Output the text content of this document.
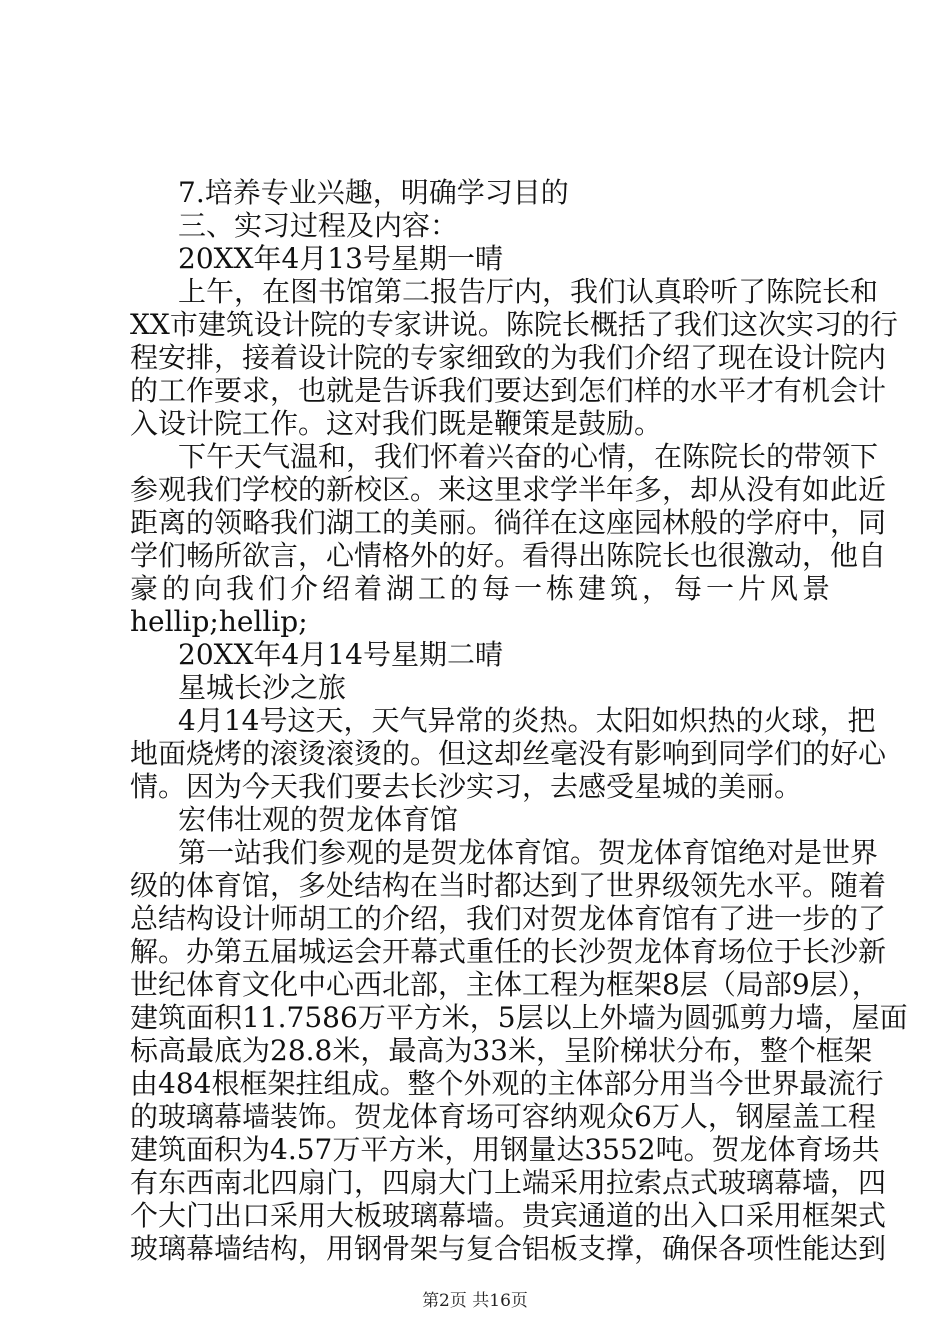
7.培养专业兴趣，明确学习目的
三、实习过程及内容：
20XX年4月13号星期一晴
上午，在图书馆第二报告厅内，我们认真聆听了陈院长和
XX市建筑设计院的专家讲说。陈院长概括了我们这次实习的行
程安排，接着设计院的专家细致的为我们介绍了现在设计院内
的工作要求，也就是告诉我们要达到怎们样的水平才有机会计
入设计院工作。这对我们既是鞭策是鼓励。
下午天气温和，我们怀着兴奋的心情，在陈院长的带领下
参观我们学校的新校区。来这里求学半年多，却从没有如此近
距离的领略我们湖工的美丽。徜徉在这座园林般的学府中，同
学们畅所欲言，心情格外的好。看得出陈院长也很激动，他自
豪的向我们介绍着湖工的每一栋建筑，每一片风景
hellip;hellip;
20XX年4月14号星期二晴
星城长沙之旅
4月14号这天，天气异常的炎热。太阳如炽热的火球，把
地面烧烤的滚烫滚烫的。但这却丝毫没有影响到同学们的好心
情。因为今天我们要去长沙实习，去感受星城的美丽。
宏伟壮观的贺龙体育馆
第一站我们参观的是贺龙体育馆。贺龙体育馆绝对是世界
级的体育馆，多处结构在当时都达到了世界级领先水平。随着
总结构设计师胡工的介绍，我们对贺龙体育馆有了进一步的了
解。办第五届城运会开幕式重任的长沙贺龙体育场位于长沙新
世纪体育文化中心西北部，主体工程为框架8层（局部9层），
建筑面积11.7586万平方米，5层以上外墙为圆弧剪力墙，屋面
标高最底为28.8米，最高为33米，呈阶梯状分布，整个框架
由484根框架拄组成。整个外观的主体部分用当今世界最流行
的玻璃幕墙装饰。贺龙体育场可容纳观众6万人，钢屋盖工程
建筑面积为4.57万平方米，用钢量达3552吨。贺龙体育场共
有东西南北四扇门，四扇大门上端采用拉索点式玻璃幕墙，四
个大门出口采用大板玻璃幕墙。贵宾通道的出入口采用框架式
玻璃幕墙结构，用钢骨架与复合铝板支撑，确保各项性能达到
第2页 共16页
